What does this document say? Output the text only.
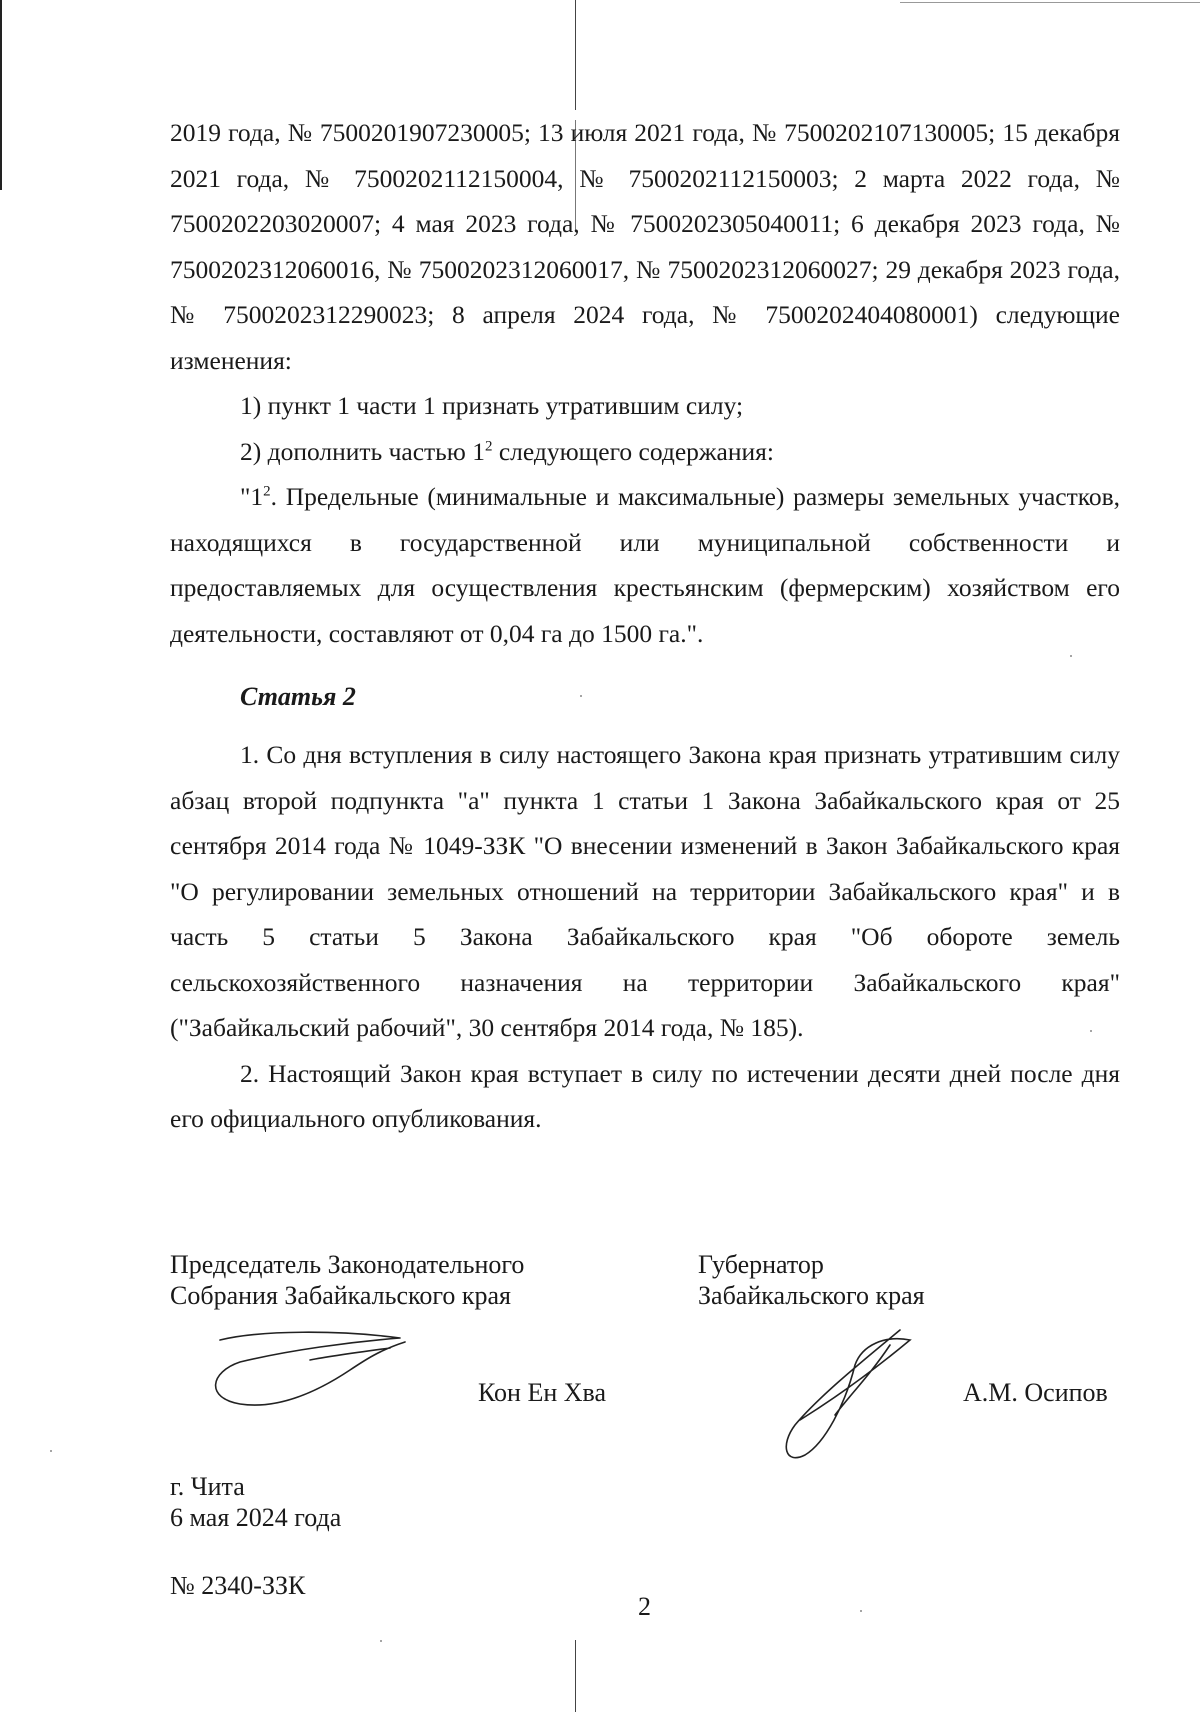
2019 года, № 7500201907230005; 13 июля 2021 года, № 7500202107130005; 15 декабря 2021 года, № 7500202112150004, № 7500202112150003; 2 марта 2022 года, № 7500202203020007; 4 мая 2023 года, № 7500202305040011; 6 декабря 2023 года, № 7500202312060016, № 7500202312060017, № 7500202312060027; 29 декабря 2023 года, № 7500202312290023; 8 апреля 2024 года, № 7500202404080001) следующие изменения:

1) пункт 1 части 1 признать утратившим силу;

2) дополнить частью $1^2$ следующего содержания:

"$1^2$. Предельные (минимальные и максимальные) размеры земельных участков, находящихся в государственной или муниципальной собственности и предоставляемых для осуществления крестьянским (фермерским) хозяйством его деятельности, составляют от 0,04 га до 1500 га.".

Статья 2

1. Со дня вступления в силу настоящего Закона края признать утратившим силу абзац второй подпункта "а" пункта 1 статьи 1 Закона Забайкальского края от 25 сентября 2014 года № 1049-ЗЗК "О внесении изменений в Закон Забайкальского края "О регулировании земельных отношений на территории Забайкальского края" и в часть 5 статьи 5 Закона Забайкальского края "Об обороте земель сельскохозяйственного назначения на территории Забайкальского края" ("Забайкальский рабочий", 30 сентября 2014 года, № 185).

2. Настоящий Закон края вступает в силу по истечении десяти дней после дня его официального опубликования.

Председатель Законодательного
Собрания Забайкальского края
Кон Ен Хва
Губернатор
Забайкальского края
А.М. Осипов
г. Чита
6 мая 2024 года
№ 2340-ЗЗК
2
